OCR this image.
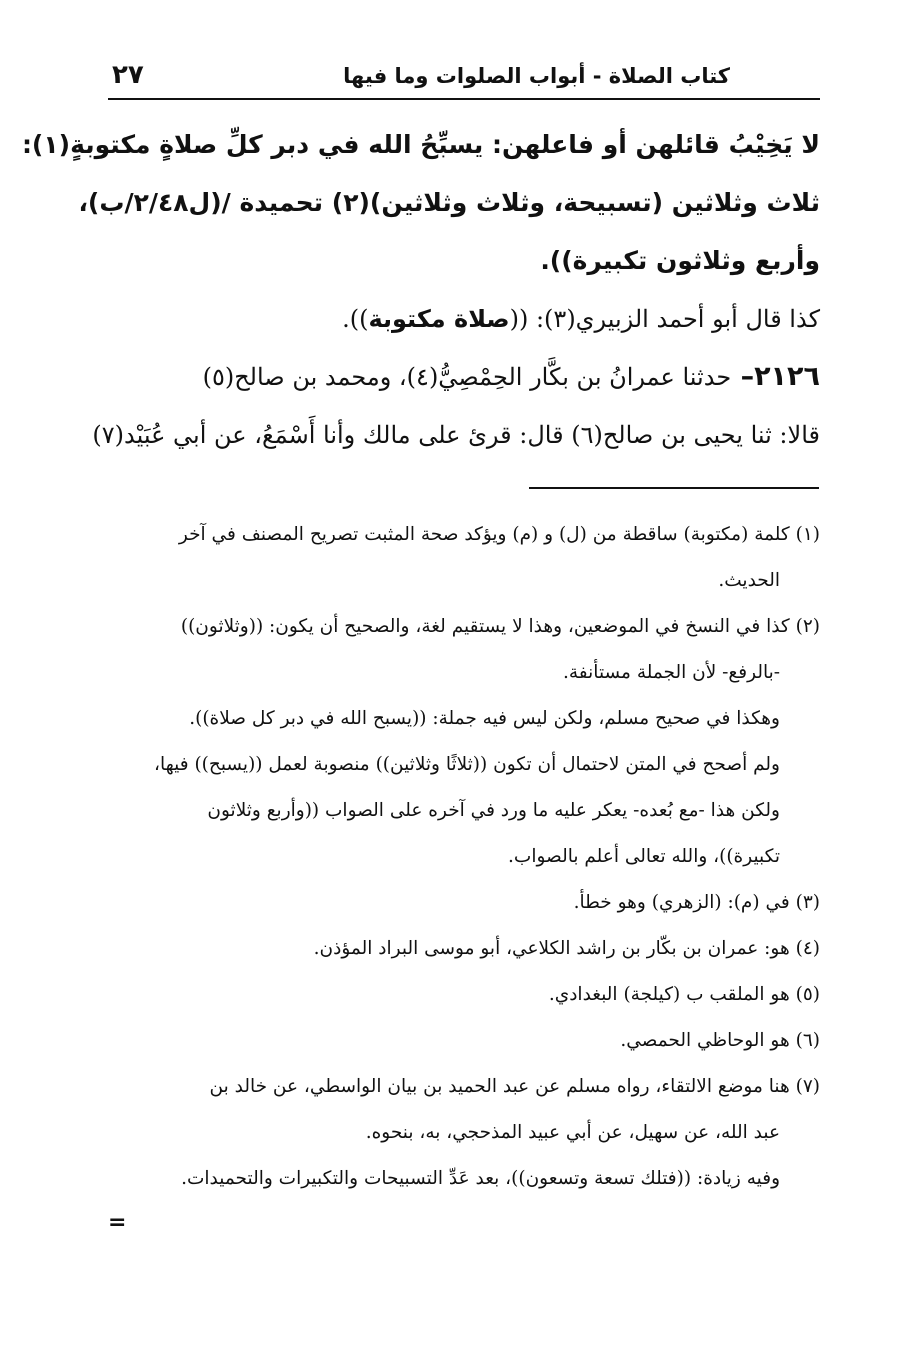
كتاب الصلاة - أبواب الصلوات وما فيها
٢٧
لا يَخِيْبُ قائلهن أو فاعلهن: يسبِّحُ الله في دبر كلِّ صلاةٍ مكتوبةٍ(١):
ثلاث وثلاثين (تسبيحة، وثلاث وثلاثين)(٢) تحميدة /(ل٢/٤٨/ب)،
وأربع وثلاثون تكبيرة)).
كذا قال أبو أحمد الزبيري(٣): ((صلاة مكتوبة)).
٢١٢٦– حدثنا عمرانُ بن بكَّار الحِمْصِيُّ(٤)، ومحمد بن صالح(٥)
قالا: ثنا يحيى بن صالح(٦) قال: قرئ على مالك وأنا أَسْمَعُ، عن أبي عُبَيْد(٧)
(١) كلمة (مكتوبة) ساقطة من (ل) و (م) ويؤكد صحة المثبت تصريح المصنف في آخر
الحديث.
(٢) كذا في النسخ في الموضعين، وهذا لا يستقيم لغة، والصحيح أن يكون: ((وثلاثون))
-بالرفع- لأن الجملة مستأنفة.
وهكذا في صحيح مسلم، ولكن ليس فيه جملة: ((يسبح الله في دبر كل صلاة)).
ولم أصحح في المتن لاحتمال أن تكون ((ثلاثًا وثلاثين)) منصوبة لعمل ((يسبح)) فيها،
ولكن هذا -مع بُعده- يعكر عليه ما ورد في آخره على الصواب ((وأربع وثلاثون
تكبيرة))، والله تعالى أعلم بالصواب.
(٣) في (م): (الزهري) وهو خطأ.
(٤) هو: عمران بن بكّار بن راشد الكلاعي، أبو موسى البراد المؤذن.
(٥) هو الملقب ب (كيلجة) البغدادي.
(٦) هو الوحاظي الحمصي.
(٧) هنا موضع الالتقاء، رواه مسلم عن عبد الحميد بن بيان الواسطي، عن خالد بن
عبد الله، عن سهيل، عن أبي عبيد المذحجي، به، بنحوه.
وفيه زيادة: ((فتلك تسعة وتسعون))، بعد عَدِّ التسبيحات والتكبيرات والتحميدات.
=
